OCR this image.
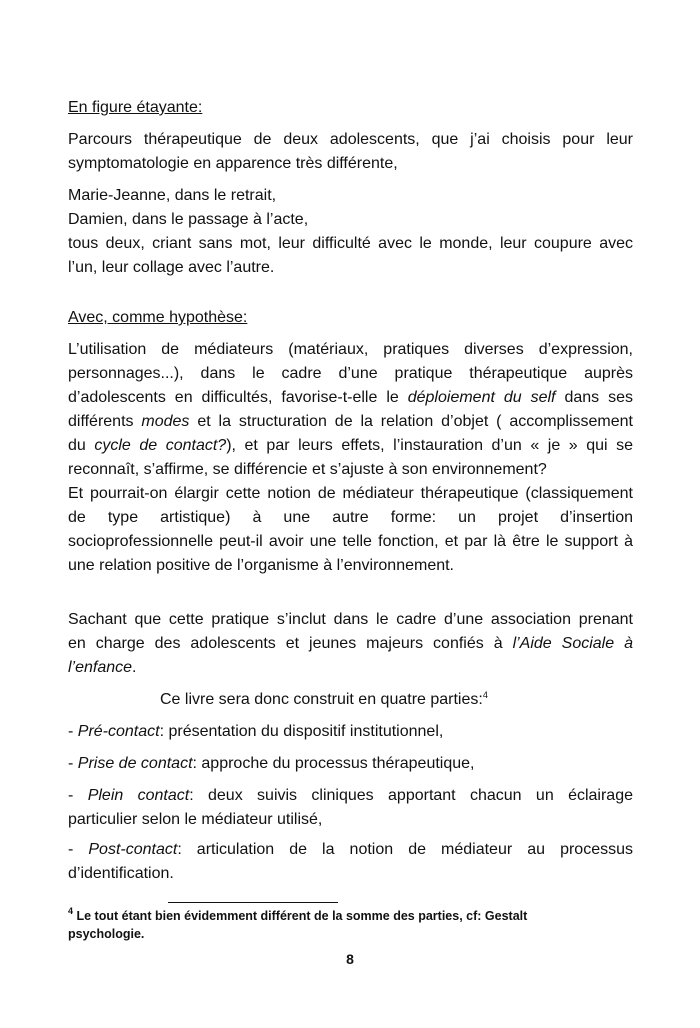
En figure étayante:
Parcours thérapeutique de deux adolescents, que j’ai choisis pour leur
symptomatologie en apparence très différente,
Marie-Jeanne, dans le retrait,
Damien, dans le passage à l’acte,
tous deux, criant sans mot, leur difficulté avec le monde, leur coupure avec
l’un, leur collage avec l’autre.
Avec, comme hypothèse:
L’utilisation de médiateurs (matériaux, pratiques diverses d’expression,
personnages...), dans le cadre d’une pratique thérapeutique auprès
d’adolescents en difficultés, favorise-t-elle le déploiement du self dans ses
différents modes et la structuration de la relation d’objet ( accomplissement
du cycle de contact?), et par leurs effets, l’instauration d’un « je » qui se
reconnaît, s’affirme, se différencie et s’ajuste à son environnement?
Et pourrait-on élargir cette notion de médiateur thérapeutique (classiquement
de type artistique) à une autre forme: un projet d’insertion
socioprofessionnelle peut-il avoir une telle fonction, et par là être le support à
une relation positive de l’organisme à l’environnement.
Sachant que cette pratique s’inclut dans le cadre d’une association prenant
en charge des adolescents et jeunes majeurs confiés à l’Aide Sociale à
l’enfance.
Ce livre sera donc construit en quatre parties:$^4$
- Pré-contact: présentation du dispositif institutionnel,
- Prise de contact: approche du processus thérapeutique,
- Plein contact: deux suivis cliniques apportant chacun un éclairage
particulier selon le médiateur utilisé,
- Post-contact: articulation de la notion de médiateur au processus
d’identification.
$^4$ Le tout étant bien évidemment différent de la somme des parties, cf: Gestalt
psychologie.
8
